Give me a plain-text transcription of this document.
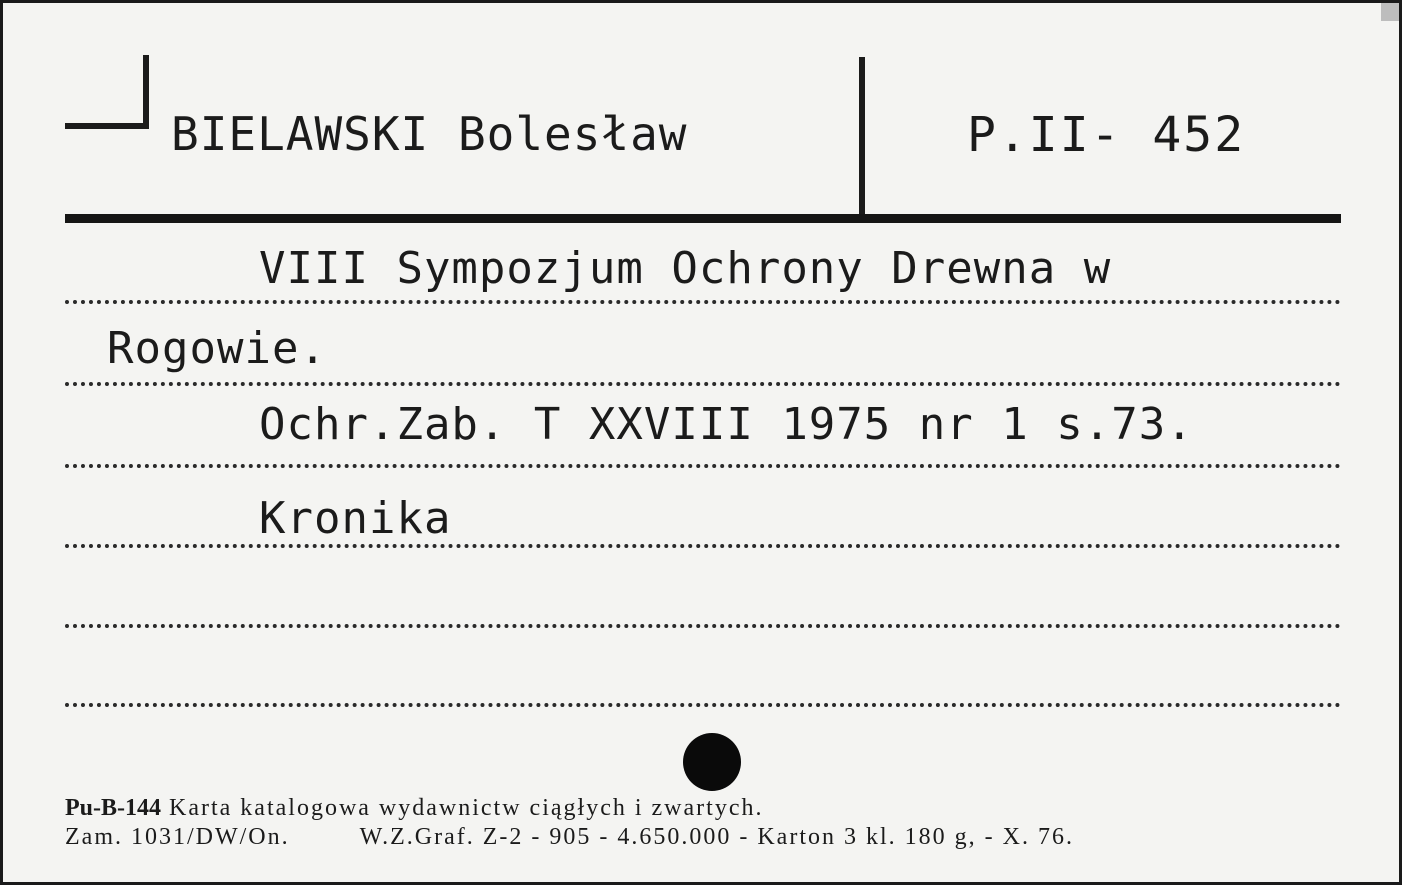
BIELAWSKI Bolesław	P.II- 452
VIII Sympozjum Ochrony Drewna w
Rogowie.
Ochr.Zab. T XXVIII 1975 nr 1 s.73.
Kronika
Pu-B-144 Karta katalogowa wydawnictw ciągłych i zwartych.
Zam. 1031/DW/On.	W.Z.Graf. Z-2 - 905 - 4.650.000 - Karton 3 kl. 180 g, - X. 76.
